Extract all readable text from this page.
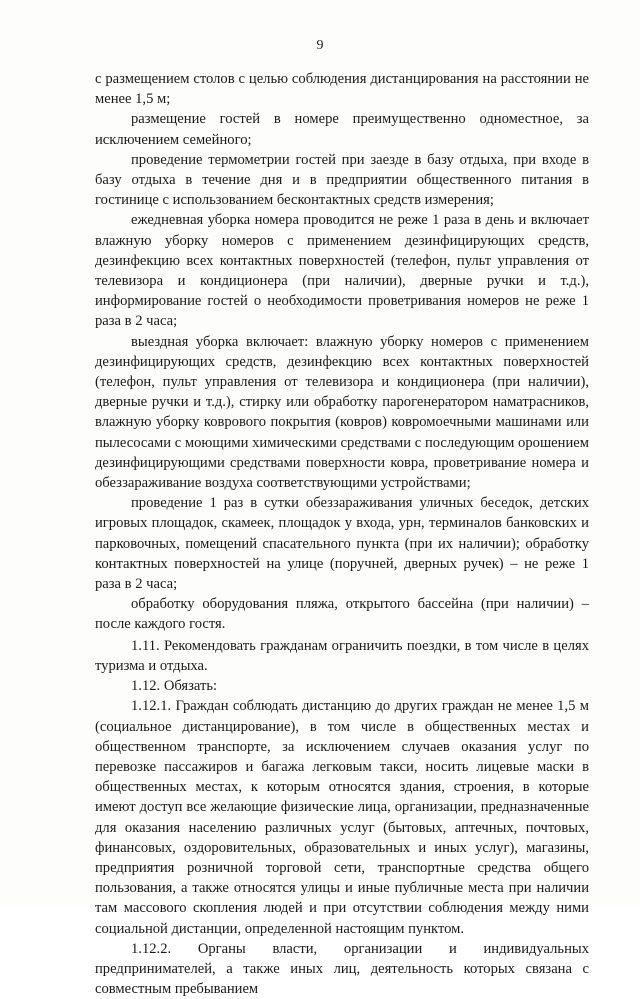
9

с размещением столов с целью соблюдения дистанцирования на расстоянии не менее 1,5 м;

размещение гостей в номере преимущественно одноместное, за исключением семейного;

проведение термометрии гостей при заезде в базу отдыха, при входе в базу отдыха в течение дня и в предприятии общественного питания в гостинице с использованием бесконтактных средств измерения;

ежедневная уборка номера проводится не реже 1 раза в день и включает влажную уборку номеров с применением дезинфицирующих средств, дезинфекцию всех контактных поверхностей (телефон, пульт управления от телевизора и кондиционера (при наличии), дверные ручки и т.д.), информирование гостей о необходимости проветривания номеров не реже 1 раза в 2 часа;

выездная уборка включает: влажную уборку номеров с применением дезинфицирующих средств, дезинфекцию всех контактных поверхностей (телефон, пульт управления от телевизора и кондиционера (при наличии), дверные ручки и т.д.), стирку или обработку парогенератором наматрасников, влажную уборку коврового покрытия (ковров) ковромоечными машинами или пылесосами с моющими химическими средствами с последующим орошением дезинфицирующими средствами поверхности ковра, проветривание номера и обеззараживание воздуха соответствующими устройствами;

проведение 1 раз в сутки обеззараживания уличных беседок, детских игровых площадок, скамеек, площадок у входа, урн, терминалов банковских и парковочных, помещений спасательного пункта (при их наличии); обработку контактных поверхностей на улице (поручней, дверных ручек) – не реже 1 раза в 2 часа;

обработку оборудования пляжа, открытого бассейна (при наличии) – после каждого гостя.

1.11. Рекомендовать гражданам ограничить поездки, в том числе в целях туризма и отдыха.

1.12. Обязать:

1.12.1. Граждан соблюдать дистанцию до других граждан не менее 1,5 м (социальное дистанцирование), в том числе в общественных местах и общественном транспорте, за исключением случаев оказания услуг по перевозке пассажиров и багажа легковым такси, носить лицевые маски в общественных местах, к которым относятся здания, строения, в которые имеют доступ все желающие физические лица, организации, предназначенные для оказания населению различных услуг (бытовых, аптечных, почтовых, финансовых, оздоровительных, образовательных и иных услуг), магазины, предприятия розничной торговой сети, транспортные средства общего пользования, а также относятся улицы и иные публичные места при наличии там массового скопления людей и при отсутствии соблюдения между ними социальной дистанции, определенной настоящим пунктом.

1.12.2. Органы власти, организации и индивидуальных предпринимателей, а также иных лиц, деятельность которых связана с совместным пребыванием
